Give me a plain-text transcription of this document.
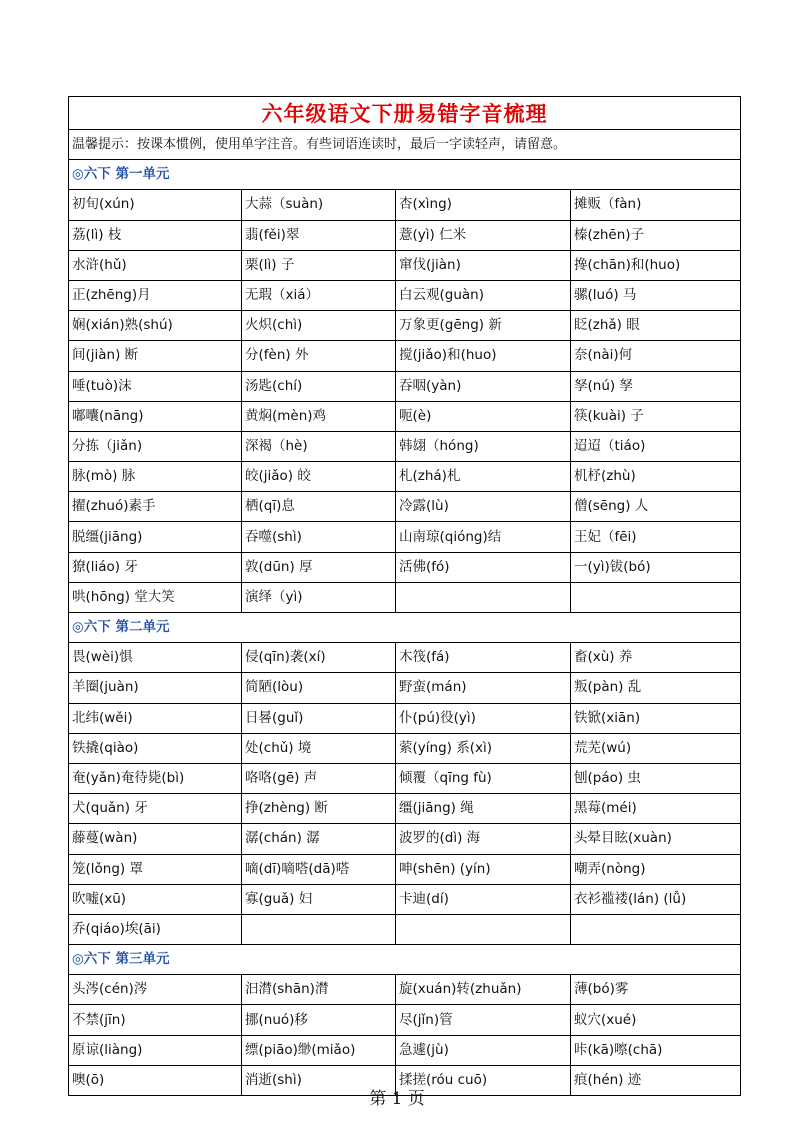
六年级语文下册易错字音梳理			
温馨提示：按课本惯例，使用单字注音。有些词语连读时，最后一字读轻声，请留意。			
◎六下 第一单元			
初旬(xún)	大蒜（suàn)	杏(xìng)	摊贩（fàn)
荔(lì) 枝	翡(fěi)翠	薏(yì) 仁米	榛(zhēn)子
水浒(hǔ)	栗(lì) 子	窜伐(jiàn)	搀(chān)和(huo)
正(zhēng)月	无瑕（xiá）	白云观(guàn)	骡(luó) 马
娴(xián)熟(shú)	火炽(chì)	万象更(gēng) 新	眨(zhǎ) 眼
间(jiàn) 断	分(fèn) 外	搅(jiǎo)和(huo)	奈(nài)何
唾(tuò)沫	汤匙(chí)	吞咽(yàn)	孥(nú) 孥
嘟囔(nāng)	黄焖(mèn)鸡	呃(è)	筷(kuài) 子
分拣（jiǎn)	深褐（hè)	韩翃（hóng)	迢迢（tiáo)
脉(mò) 脉	皎(jiǎo) 皎	札(zhá)札	机杼(zhù)
擢(zhuó)素手	栖(qī)息	冷露(lù)	僧(sēng) 人
脱缰(jiāng)	吞噬(shì)	山南琼(qióng)结	王妃（fēi)
獠(liáo) 牙	敦(dūn) 厚	活佛(fó)	一(yì)钹(bó)
哄(hōng) 堂大笑	演绎（yì)		
◎六下 第二单元			
畏(wèi)惧	侵(qīn)袭(xí)	木筏(fá)	畜(xù) 养
羊圈(juàn)	简陋(lòu)	野蛮(mán)	叛(pàn) 乱
北纬(wěi)	日晷(guǐ)	仆(pú)役(yì)	铁锨(xiān)
铁撬(qiào)	处(chǔ) 境	萦(yíng) 系(xì)	荒芜(wú)
奄(yǎn)奄待毙(bì)	咯咯(gē) 声	倾覆（qīng fù)	刨(páo) 虫
犬(quǎn) 牙	挣(zhèng) 断	缰(jiāng) 绳	黑莓(méi)
藤蔓(wàn)	潺(chán) 潺	波罗的(dì) 海	头晕目眩(xuàn)
笼(lǒng) 罩	嘀(dī)嘀嗒(dā)嗒	呻(shēn) (yín)	嘲弄(nòng)
吹嘘(xū)	寡(guǎ) 妇	卡迪(dí)	衣衫褴褛(lán) (lǚ)
乔(qiáo)埃(āi)			
◎六下 第三单元			
头涔(cén)涔	汩潸(shān)潸	旋(xuán)转(zhuǎn)	薄(bó)雾
不禁(jīn)	挪(nuó)移	尽(jǐn)管	蚁穴(xué)
原谅(liàng)	缥(piāo)缈(miǎo)	急遽(jù)	咔(kā)嚓(chā)
噢(ō)	消逝(shì)	揉搓(róu cuō)	痕(hén) 迹
第 1 页
